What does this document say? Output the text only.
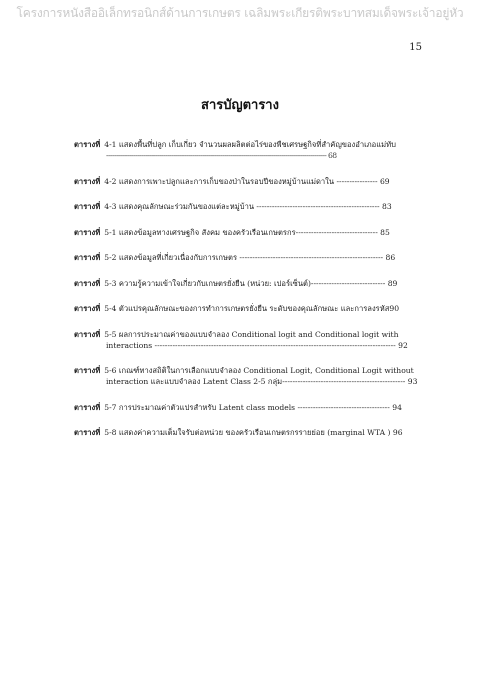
โครงการหนังสืออิเล็กทรอนิกส์ด้านการเกษตร เฉลิมพระเกียรติพระบาทสมเด็จพระเจ้าอยู่หัว
15
สารบัญตาราง
ตารางที่ 4-1 แสดงพื้นที่ปลูก เก็บเกี่ยว จำนวนผลผลิตต่อไร่ของพืชเศรษฐกิจที่สำคัญของอำเภอแม่ทับ
---------------------------------------------------------------------------------------------------------------- 68
ตารางที่ 4-2 แสดงการเพาะปลูกและการเก็บของป่าในรอบปีของหมู่บ้านแม่ดาใน ---------------- 69
ตารางที่ 4-3 แสดงคุณลักษณะร่วมกันของแต่ละหมู่บ้าน ------------------------------------------------ 83
ตารางที่ 5-1 แสดงข้อมูลทางเศรษฐกิจ สังคม ของครัวเรือนเกษตรกร-------------------------------- 85
ตารางที่ 5-2 แสดงข้อมูลที่เกี่ยวเนื่องกับการเกษตร -------------------------------------------------------- 86
ตารางที่ 5-3 ความรู้ความเข้าใจเกี่ยวกับเกษตรยั่งยืน (หน่วย: เปอร์เซ็นต์)----------------------------- 89
ตารางที่ 5-4 ตัวแปรคุณลักษณะของการทำการเกษตรยั่งยืน ระดับของคุณลักษณะ และการลงรหัส90
ตารางที่ 5-5 ผลการประมาณค่าของแบบจำลอง Conditional logit and Conditional logit with
interactions ---------------------------------------------------------------------------------------------- 92
ตารางที่ 5-6 เกณฑ์ทางสถิติในการเลือกแบบจำลอง Conditional Logit, Conditional Logit without
interaction และแบบจำลอง Latent Class 2-5 กลุ่ม------------------------------------------------ 93
ตารางที่ 5-7 การประมาณค่าตัวแปรสำหรับ Latent class models ------------------------------------ 94
ตารางที่ 5-8 แสดงค่าความเต็มใจรับต่อหน่วย ของครัวเรือนเกษตรกรรายย่อย (marginal WTA ) 96
